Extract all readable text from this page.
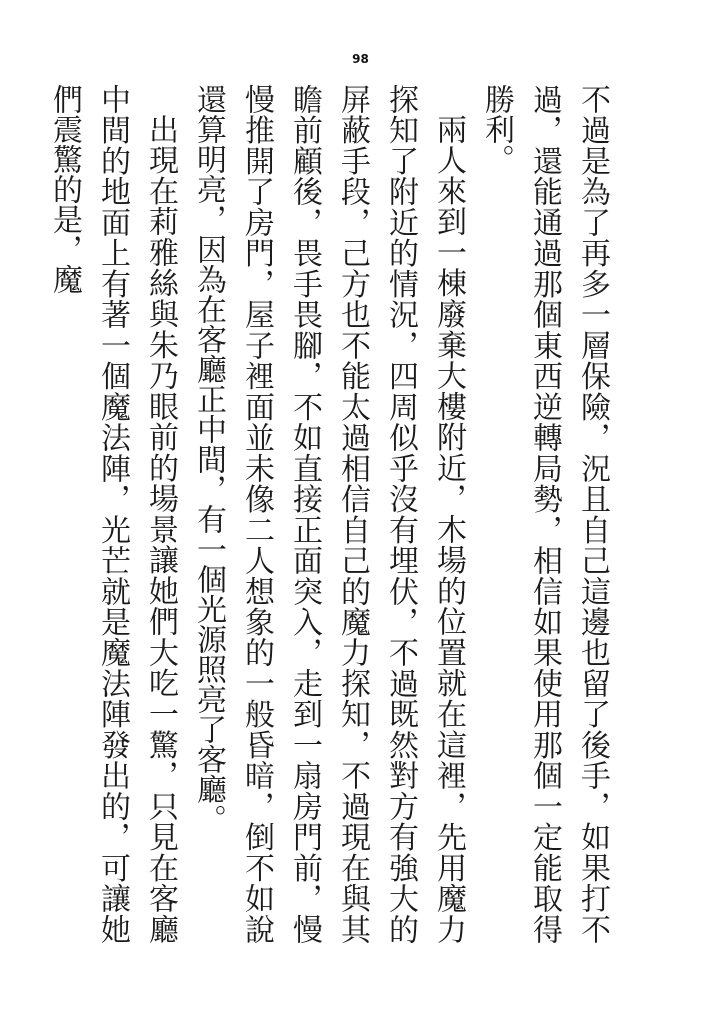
98

不過是為了再多一層保險，況且自己這邊也留了後手，如果打不過，還能通過那個東西逆轉局勢，相信如果使用那個一定能取得勝利。

兩人來到一棟廢棄大樓附近，木場的位置就在這裡，先用魔力探知了附近的情況，四周似乎沒有埋伏，不過既然對方有強大的屏蔽手段，己方也不能太過相信自己的魔力探知，不過現在與其瞻前顧後，畏手畏腳，不如直接正面突入，走到一扇房門前，慢慢推開了房門，屋子裡面並未像二人想象的一般昏暗，倒不如說還算明亮，因為在客廳正中間，有一個光源照亮了客廳。

出現在莉雅絲與朱乃眼前的場景讓她們大吃一驚，只見在客廳中間的地面上有著一個魔法陣，光芒就是魔法陣發出的，可讓她們震驚的是，魔
